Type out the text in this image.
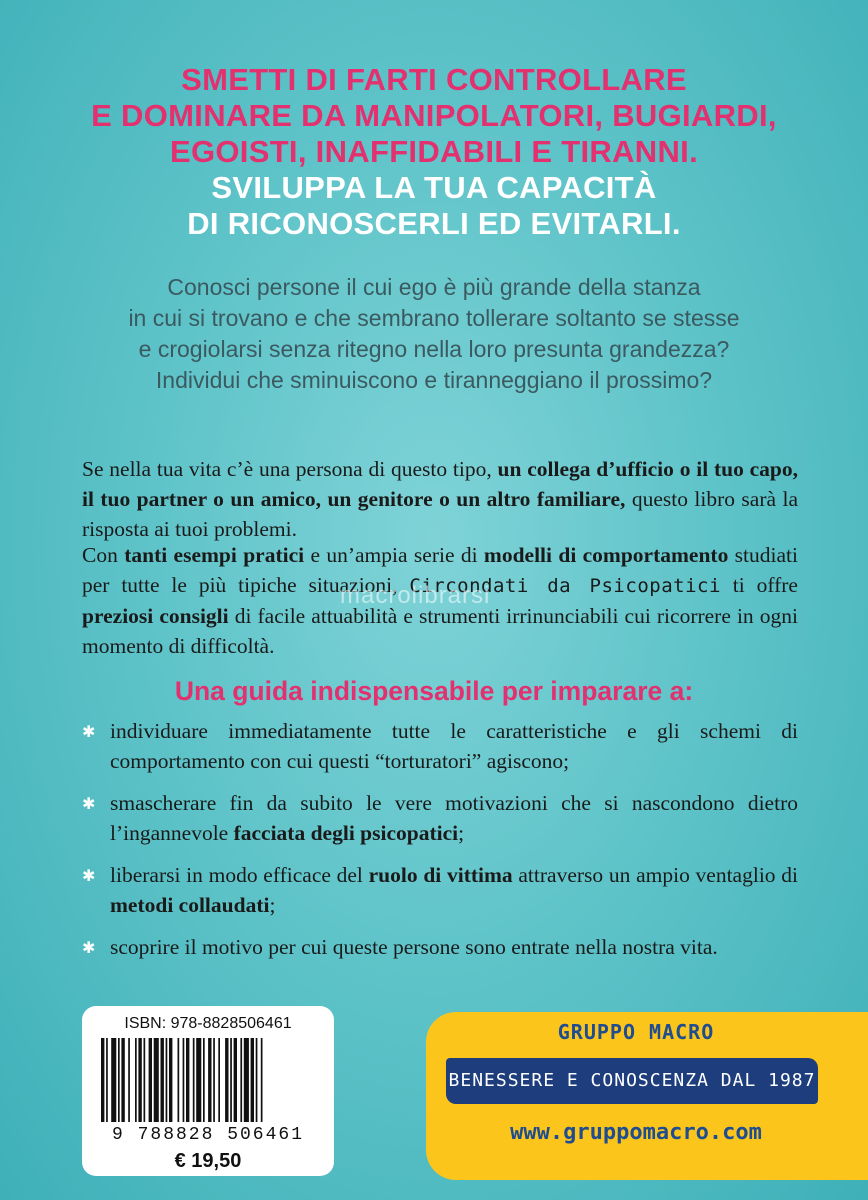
SMETTI DI FARTI CONTROLLARE
E DOMINARE DA MANIPOLATORI, BUGIARDI,
EGOISTI, INAFFIDABILI E TIRANNI.
SVILUPPA LA TUA CAPACITÀ
DI RICONOSCERLI ED EVITARLI.
Conosci persone il cui ego è più grande della stanza
in cui si trovano e che sembrano tollerare soltanto se stesse
e crogiolarsi senza ritegno nella loro presunta grandezza?
Individui che sminuiscono e tiranneggiano il prossimo?

Se nella tua vita c’è una persona di questo tipo, un collega d’ufficio o il tuo capo, il tuo partner o un amico, un genitore o un altro familiare, questo libro sarà la risposta ai tuoi problemi.

Con tanti esempi pratici e un’ampia serie di modelli di comportamento studiati per tutte le più tipiche situazioni, Circondati da Psicopatici ti offre preziosi consigli di facile attuabilità e strumenti irrinunciabili cui ricorrere in ogni momento di difficoltà.

macrolibrarsi
Una guida indispensabile per imparare a:
✱ individuare immediatamente tutte le caratteristiche e gli schemi di comportamento con cui questi “torturatori” agiscono;
✱ smascherare fin da subito le vere motivazioni che si nascondono dietro l’ingannevole facciata degli psicopatici;
✱ liberarsi in modo efficace del ruolo di vittima attraverso un ampio ventaglio di metodi collaudati;
✱ scoprire il motivo per cui queste persone sono entrate nella nostra vita.
ISBN: 978-8828506461
9 788828 506461
€ 19,50
GRUPPO MACRO
BENESSERE E CONOSCENZA DAL 1987
www.gruppomacro.com
